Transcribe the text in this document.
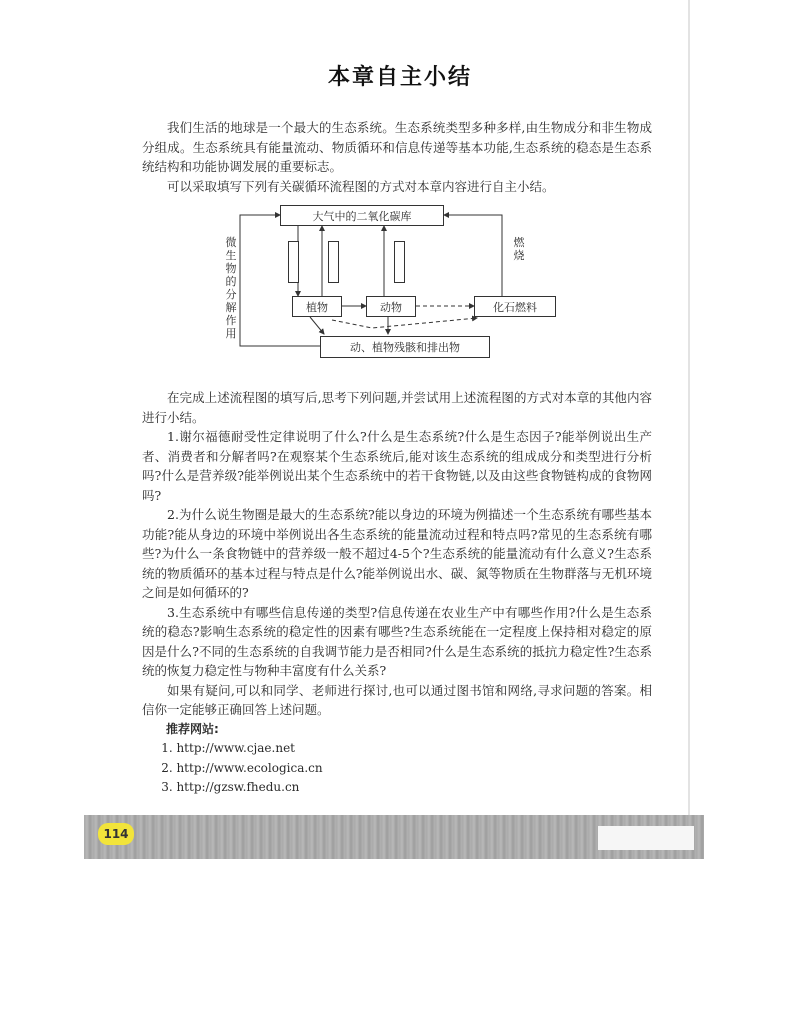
本章自主小结

我们生活的地球是一个最大的生态系统。生态系统类型多种多样,由生物成分和非生物成分组成。生态系统具有能量流动、物质循环和信息传递等基本功能,生态系统的稳态是生态系统结构和功能协调发展的重要标志。

可以采取填写下列有关碳循环流程图的方式对本章内容进行自主小结。

大气中的二氧化碳库
植物	动物	化石燃料
动、植物残骸和排出物
微生物的分解作用
燃烧

在完成上述流程图的填写后,思考下列问题,并尝试用上述流程图的方式对本章的其他内容进行小结。

1.谢尔福德耐受性定律说明了什么?什么是生态系统?什么是生态因子?能举例说出生产者、消费者和分解者吗?在观察某个生态系统后,能对该生态系统的组成成分和类型进行分析吗?什么是营养级?能举例说出某个生态系统中的若干食物链,以及由这些食物链构成的食物网吗?

2.为什么说生物圈是最大的生态系统?能以身边的环境为例描述一个生态系统有哪些基本功能?能从身边的环境中举例说出各生态系统的能量流动过程和特点吗?常见的生态系统有哪些?为什么一条食物链中的营养级一般不超过4-5个?生态系统的能量流动有什么意义?生态系统的物质循环的基本过程与特点是什么?能举例说出水、碳、氮等物质在生物群落与无机环境之间是如何循环的?

3.生态系统中有哪些信息传递的类型?信息传递在农业生产中有哪些作用?什么是生态系统的稳态?影响生态系统的稳定性的因素有哪些?生态系统能在一定程度上保持相对稳定的原因是什么?不同的生态系统的自我调节能力是否相同?什么是生态系统的抵抗力稳定性?生态系统的恢复力稳定性与物种丰富度有什么关系?

如果有疑问,可以和同学、老师进行探讨,也可以通过图书馆和网络,寻求问题的答案。相信你一定能够正确回答上述问题。

推荐网站:

1. http://www.cjae.net

2. http://www.ecologica.cn

3. http://gzsw.fhedu.cn

114
